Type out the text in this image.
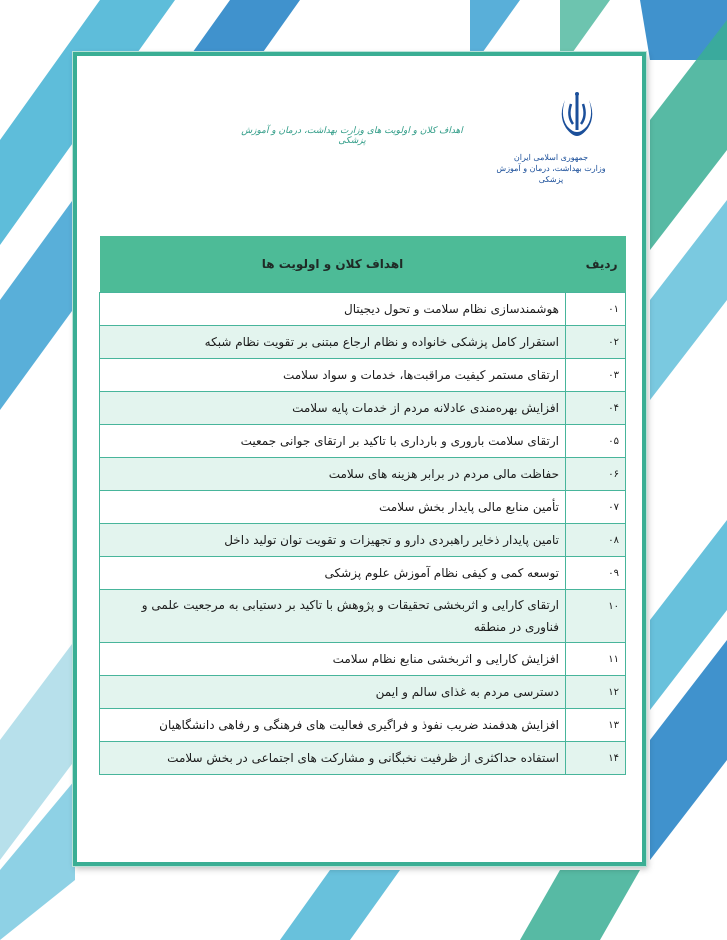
جمهوری اسلامی ایران
وزارت بهداشت، درمان و آموزش پزشکی
اهداف کلان و اولویت های وزارت بهداشت، درمان و آموزش پزشکی
ردیف	اهداف کلان و اولویت ها
۰۱	هوشمندسازی نظام سلامت و تحول دیجیتال
۰۲	استقرار کامل پزشکی خانواده و نظام ارجاع مبتنی بر تقویت نظام شبکه
۰۳	ارتقای مستمر کیفیت مراقبت‌ها، خدمات و سواد سلامت
۰۴	افزایش بهره‌مندی عادلانه مردم از خدمات پایه سلامت
۰۵	ارتقای سلامت باروری و بارداری با تاکید بر ارتقای جوانی جمعیت
۰۶	حفاظت مالی مردم در برابر هزینه های سلامت
۰۷	تأمین منابع مالی پایدار بخش سلامت
۰۸	تامین پایدار ذخایر راهبردی دارو و تجهیزات و تقویت توان تولید داخل
۰۹	توسعه کمی و کیفی نظام آموزش علوم پزشکی
۱۰	ارتقای کارایی و اثربخشی تحقیقات و پژوهش با تاکید بر دستیابی به مرجعیت علمی و فناوری در منطقه
۱۱	افزایش کارایی و اثربخشی منابع نظام سلامت
۱۲	دسترسی مردم به غذای سالم و ایمن
۱۳	افزایش هدفمند ضریب نفوذ و فراگیری فعالیت های فرهنگی و رفاهی دانشگاهیان
۱۴	استفاده حداکثری از ظرفیت نخبگانی و مشارکت های اجتماعی در بخش سلامت
